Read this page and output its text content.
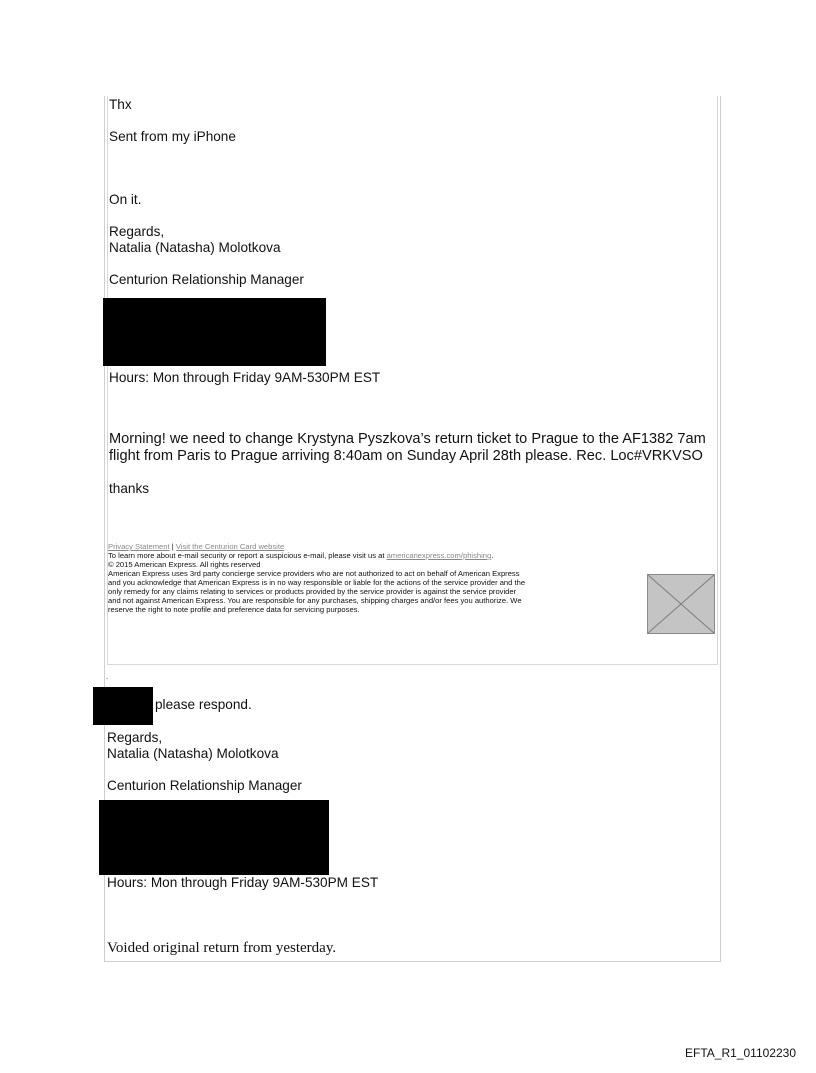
Thx
Sent from my iPhone
On it.
Regards,
Natalia (Natasha) Molotkova
Centurion Relationship Manager
Hours: Mon through Friday 9AM-530PM EST
Morning! we need to change Krystyna Pyszkova’s return ticket to Prague to the AF1382 7am
flight from Paris to Prague arriving 8:40am on Sunday April 28th please. Rec. Loc#VRKVSO
thanks
Privacy Statement | Visit the Centurion Card website
To learn more about e-mail security or report a suspicious e-mail, please visit us at americanexpress.com/phishing.
© 2015 American Express. All rights reserved
American Express uses 3rd party concierge service providers who are not authorized to act on behalf of American Express
and you acknowledge that American Express is in no way responsible or liable for the actions of the service provider and the
only remedy for any claims relating to services or products provided by the service provider is against the service provider
and not against American Express. You are responsible for any purchases, shipping charges and/or fees you authorize. We
reserve the right to note profile and preference data for servicing purposes.
.
please respond.
Regards,
Natalia (Natasha) Molotkova
Centurion Relationship Manager
Hours: Mon through Friday 9AM-530PM EST
Voided original return from yesterday.
EFTA_R1_01102230
